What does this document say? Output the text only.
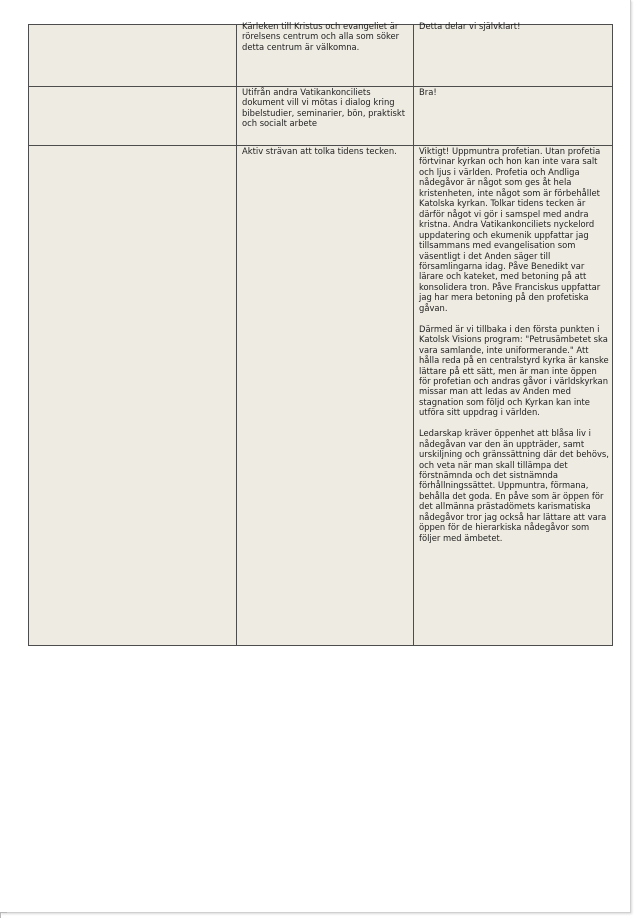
	Kärleken till Kristus och evangeliet är rörelsens centrum och alla som söker detta centrum är välkomna.	Detta delar vi självklart!

	Utifrån andra Vatikankonciliets dokument vill vi mötas i dialog kring bibelstudier, seminarier, bön, praktiskt och socialt arbete	Bra!

	Aktiv strävan att tolka tidens tecken.	Viktigt! Uppmuntra profetian. Utan profetia förtvinar kyrkan och hon kan inte vara salt och ljus i världen. Profetia och Andliga nådegåvor är något som ges åt hela kristenheten, inte något som är förbehållet Katolska kyrkan. Tolkar tidens tecken är därför något vi gör i samspel med andra kristna. Andra Vatikankonciliets nyckelord uppdatering och ekumenik uppfattar jag tillsammans med evangelisation som väsentligt i det Anden säger till församlingarna idag. Påve Benedikt var lärare och kateket, med betoning på att konsolidera tron. Påve Franciskus uppfattar jag har mera betoning på den profetiska gåvan.
Därmed är vi tillbaka i den första punkten i Katolsk Visions program: "Petrusämbetet ska vara samlande, inte uniformerande." Att hålla reda på en centralstyrd kyrka är kanske lättare på ett sätt, men är man inte öppen för profetian och andras gåvor i världskyrkan missar man att ledas av Anden med stagnation som följd och Kyrkan kan inte utföra sitt uppdrag i världen.
Ledarskap kräver öppenhet att blåsa liv i nådegåvan var den än uppträder, samt urskiljning och gränssättning där det behövs, och veta när man skall tillämpa det förstnämnda och det sistnämnda förhållningssättet. Uppmuntra, förmana, behålla det goda. En påve som är öppen för det allmänna prästadömets karismatiska nådegåvor tror jag också har lättare att vara öppen för de hierarkiska nådegåvor som följer med ämbetet.
